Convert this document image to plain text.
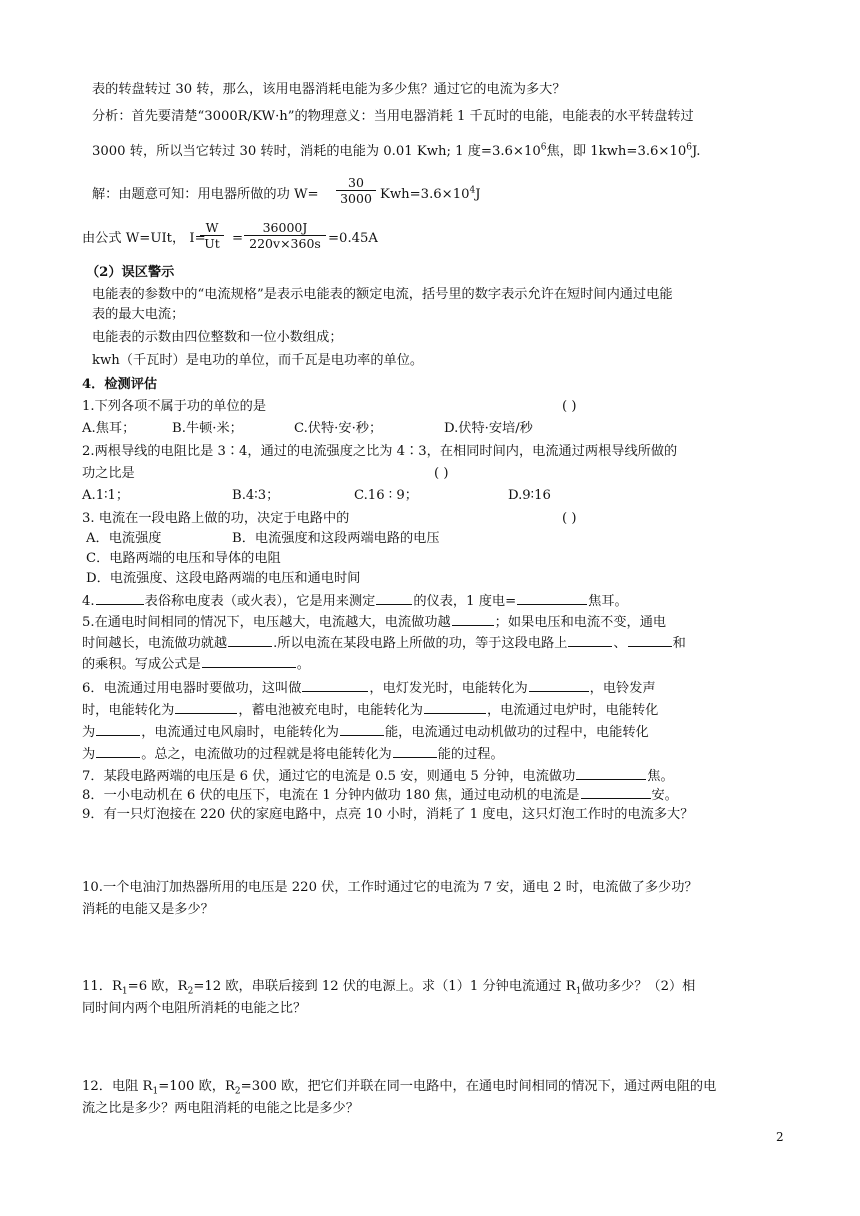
表的转盘转过 30 转，那么，该用电器消耗电能为多少焦？通过它的电流为多大？
分析：首先要清楚“3000R/KW·h”的物理意义：当用电器消耗 1 千瓦时的电能，电能表的水平转盘转过
3000 转，所以当它转过 30 转时，消耗的电能为 0.01 Kwh; 1 度$=3.6\times 10^6$焦，即 $1kwh=3.6\times 10^6J$.
解：由题意可知：用电器所做的功 W=
30
3000 $Kwh=3.6\times 10^4J$
由公式 W=UIt， I=
W
Ut =
36000J
220v×360s =0.45A
（2）误区警示
电能表的参数中的“电流规格”是表示电能表的额定电流，括号里的数字表示允许在短时间内通过电能
表的最大电流；
电能表的示数由四位整数和一位小数组成；
kwh（千瓦时）是电功的单位，而千瓦是电功率的单位。
4．检测评估
1.下列各项不属于功的单位的是	( )
A.焦耳；	B.牛顿·米；	C.伏特·安·秒；	D.伏特·安培/秒
2.两根导线的电阻比是 3∶4，通过的电流强度之比为 4∶3，在相同时间内，电流通过两根导线所做的
功之比是	( )
A.1∶1；	B.4∶3；	C.16 ∶ 9；	D.9∶16
3. 电流在一段电路上做的功，决定于电路中的	( )
A．电流强度	B．电流强度和这段两端电路的电压
C．电路两端的电压和导体的电阻
D．电流强度、这段电路两端的电压和通电时间
4.	表俗称电度表（或火表），它是用来测定	的仪表，1 度电=	焦耳。
5.在通电时间相同的情况下，电压越大，电流越大，电流做功越	；如果电压和电流不变，通电
时间越长，电流做功就越	.所以电流在某段电路上所做的功，等于这段电路上	、	和
的乘积。写成公式是	。
6．电流通过用电器时要做功，这叫做	，电灯发光时，电能转化为	，电铃发声
时，电能转化为	，蓄电池被充电时，电能转化为	，电流通过电炉时，电能转化
为	，电流通过电风扇时，电能转化为	能，电流通过电动机做功的过程中，电能转化
为	。总之，电流做功的过程就是将电能转化为	能的过程。
7．某段电路两端的电压是 6 伏，通过它的电流是 0.5 安，则通电 5 分钟，电流做功	焦。
8．一小电动机在 6 伏的电压下，电流在 1 分钟内做功 180 焦，通过电动机的电流是	安。
9．有一只灯泡接在 220 伏的家庭电路中，点亮 10 小时，消耗了 1 度电，这只灯泡工作时的电流多大？
10.一个电油汀加热器所用的电压是 220 伏，工作时通过它的电流为 7 安，通电 2 时，电流做了多少功？
消耗的电能又是多少？
11．$R_1=6$ 欧，$R_2=12$ 欧，串联后接到 12 伏的电源上。求（1）1 分钟电流通过 $R_1$做功多少？（2）相
同时间内两个电阻所消耗的电能之比？
12．电阻 $R_1=100$ 欧，$R_2=300$ 欧，把它们并联在同一电路中，在通电时间相同的情况下，通过两电阻的电
流之比是多少？两电阻消耗的电能之比是多少？
2
